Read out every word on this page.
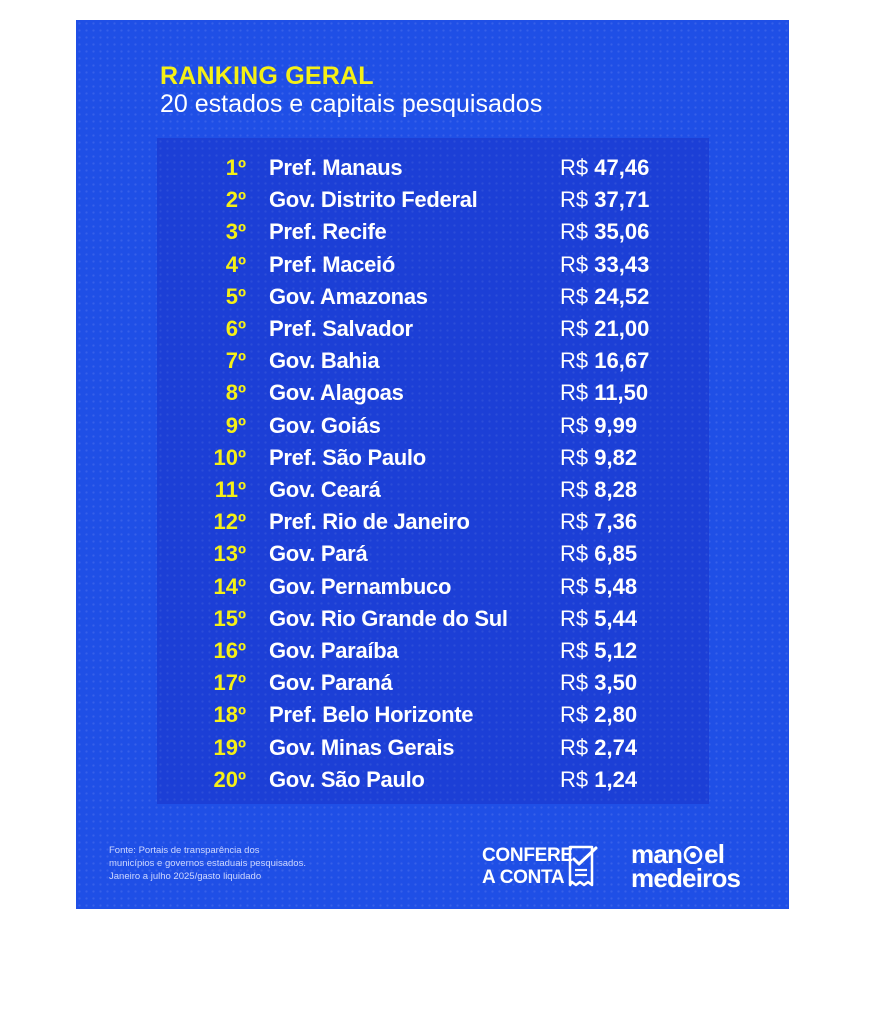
RANKING GERAL
20 estados e capitais pesquisados
1º Pref. Manaus	R$ 47,46
2º Gov. Distrito Federal	R$ 37,71
3º Pref. Recife	R$ 35,06
4º Pref. Maceió	R$ 33,43
5º Gov. Amazonas	R$ 24,52
6º Pref. Salvador	R$ 21,00
7º Gov. Bahia	R$ 16,67
8º Gov. Alagoas	R$ 11,50
9º Gov. Goiás	R$ 9,99
10º Pref. São Paulo	R$ 9,82
11º Gov. Ceará	R$ 8,28
12º Pref. Rio de Janeiro	R$ 7,36
13º Gov. Pará	R$ 6,85
14º Gov. Pernambuco	R$ 5,48
15º Gov. Rio Grande do Sul R$ 5,44
16º Gov. Paraíba	R$ 5,12
17º Gov. Paraná	R$ 3,50
18º Pref. Belo Horizonte	R$ 2,80
19º Gov. Minas Gerais	R$ 2,74
20º Gov. São Paulo	R$ 1,24
Fonte: Portais de transparência dos
municípios e governos estaduais pesquisados.
Janeiro a julho 2025/gasto liquidado
CONFERE
A CONTA
man el
medeiros
